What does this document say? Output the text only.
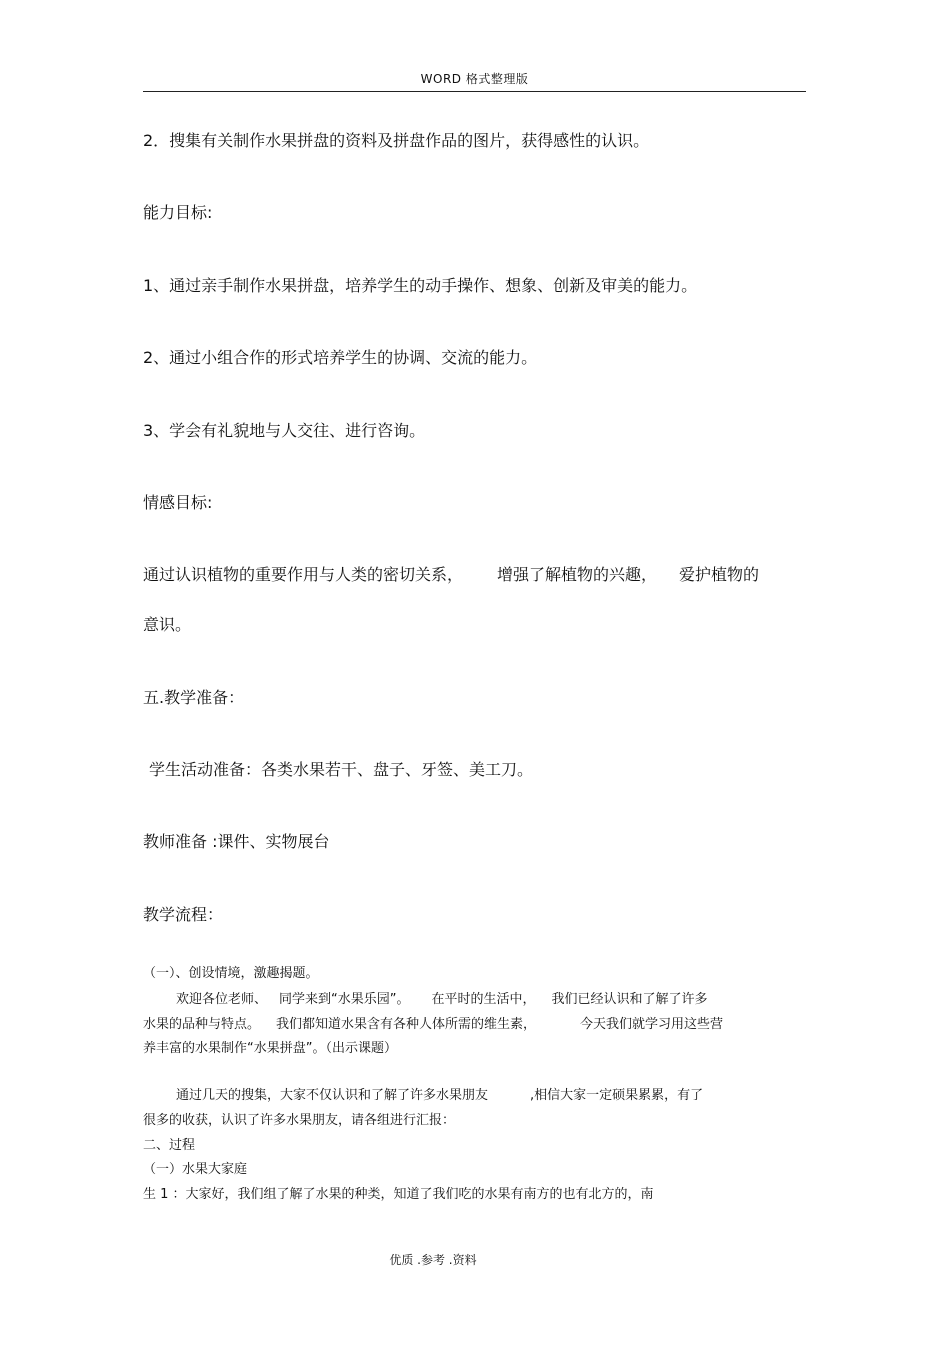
WORD 格式整理版
2．搜集有关制作水果拼盘的资料及拼盘作品的图片，获得感性的认识。
能力目标:
1、通过亲手制作水果拼盘，培养学生的动手操作、想象、创新及审美的能力。
2、通过小组合作的形式培养学生的协调、交流的能力。
3、学会有礼貌地与人交往、进行咨询。
情感目标:
通过认识植物的重要作用与人类的密切关系， 增强了解植物的兴趣， 爱护植物的
意识。
五.教学准备：
学生活动准备：各类水果若干、盘子、牙签、美工刀。
教师准备 :课件、实物展台
教学流程：
（一）、创设情境，激趣揭题。
欢迎各位老师、 同学来到“水果乐园”。 在平时的生活中， 我们已经认识和了解了许多
水果的品种与特点。 我们都知道水果含有各种人体所需的维生素，	今天我们就学习用这些营
养丰富的水果制作“水果拼盘”。（出示课题）
通过几天的搜集，大家不仅认识和了解了许多水果朋友	,相信大家一定硕果累累，有了
很多的收获，认识了许多水果朋友，请各组进行汇报：
二、过程
（一）水果大家庭
生 1 ：大家好，我们组了解了水果的种类，知道了我们吃的水果有南方的也有北方的，南
优质 .参考 .资料
